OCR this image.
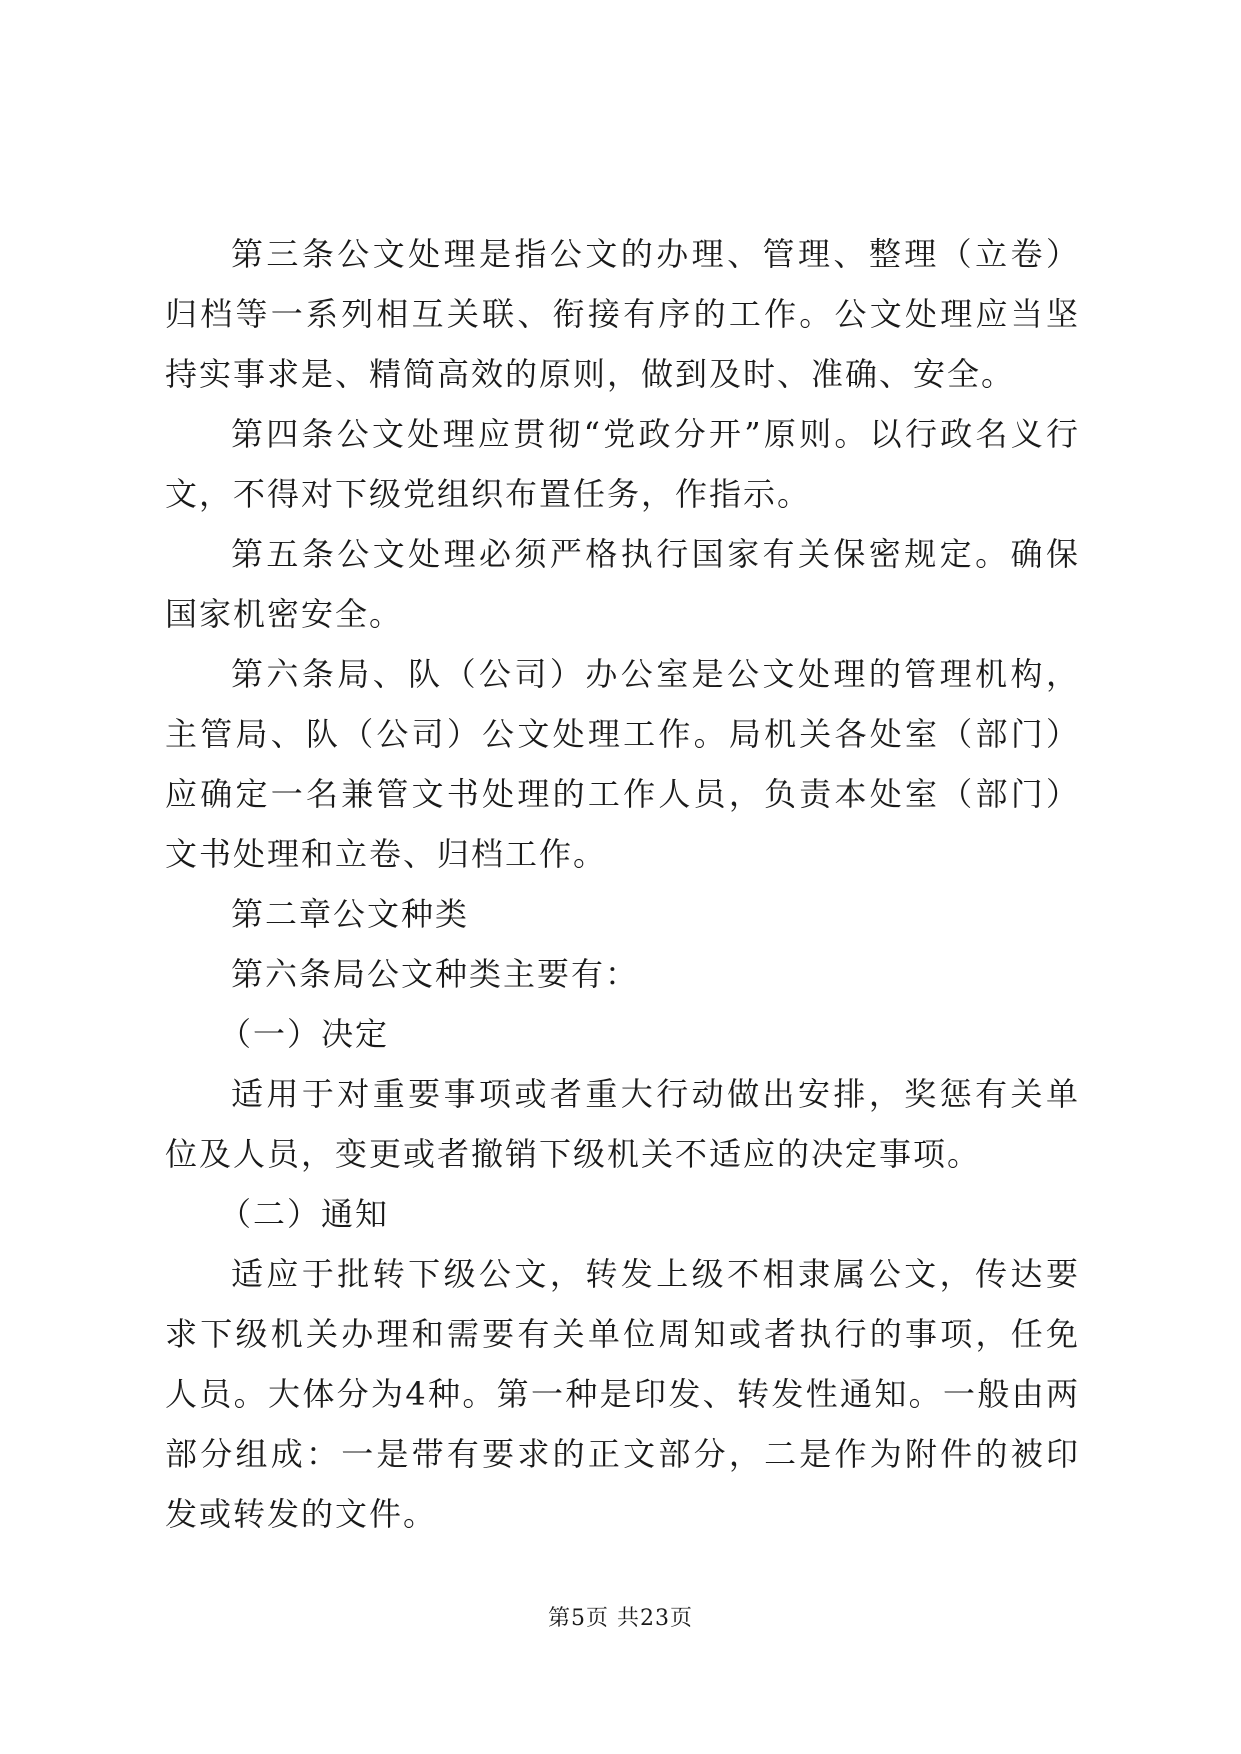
第三条公文处理是指公文的办理、管理、整理（立卷）归档等一系列相互关联、衔接有序的工作。公文处理应当坚持实事求是、精简高效的原则，做到及时、准确、安全。

第四条公文处理应贯彻“党政分开”原则。以行政名义行文，不得对下级党组织布置任务，作指示。

第五条公文处理必须严格执行国家有关保密规定。确保国家机密安全。

第六条局、队（公司）办公室是公文处理的管理机构，主管局、队（公司）公文处理工作。局机关各处室（部门）应确定一名兼管文书处理的工作人员，负责本处室（部门）文书处理和立卷、归档工作。

第二章公文种类

第六条局公文种类主要有：

（一）决定

适用于对重要事项或者重大行动做出安排，奖惩有关单位及人员，变更或者撤销下级机关不适应的决定事项。

（二）通知

适应于批转下级公文，转发上级不相隶属公文，传达要求下级机关办理和需要有关单位周知或者执行的事项，任免人员。大体分为4种。第一种是印发、转发性通知。一般由两部分组成：一是带有要求的正文部分，二是作为附件的被印发或转发的文件。

第5页 共23页
